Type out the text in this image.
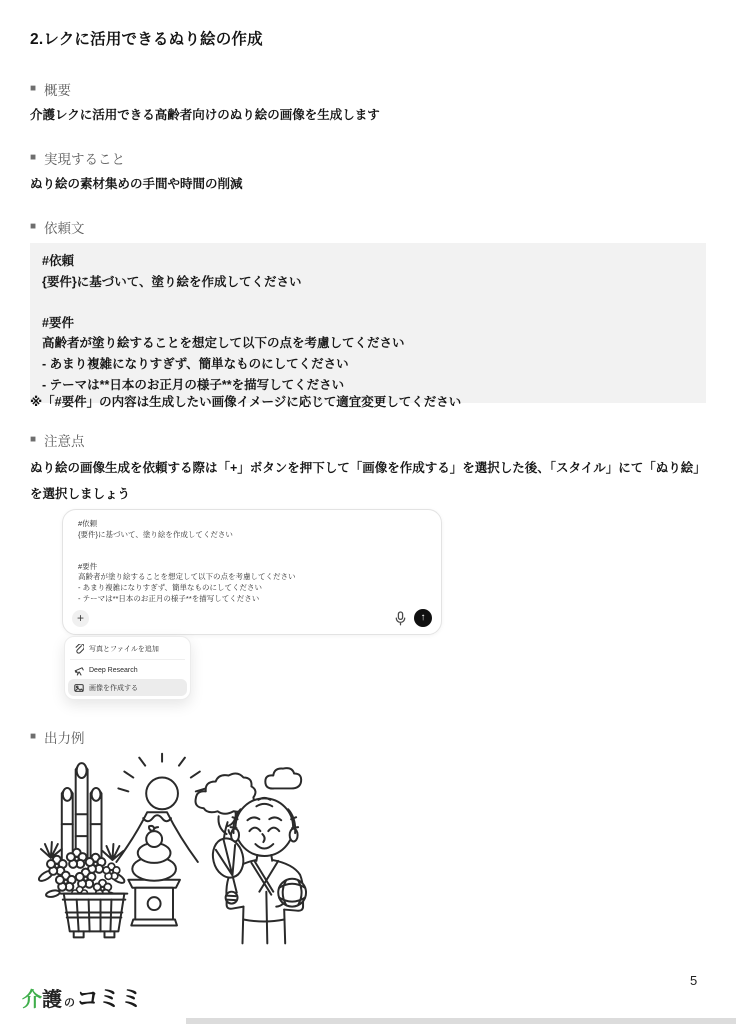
2.レクに活用できるぬり絵の作成
■ 概要
介護レクに活用できる高齢者向けのぬり絵の画像を生成します
■ 実現すること
ぬり絵の素材集めの手間や時間の削減
■ 依頼文
#依頼
{要件}に基づいて、塗り絵を作成してください
#要件
高齢者が塗り絵することを想定して以下の点を考慮してください
- あまり複雑になりすぎず、簡単なものにしてください
- テーマは**日本のお正月の様子**を描写してください
※「#要件」の内容は生成したい画像イメージに応じて適宜変更してください
■ 注意点
ぬり絵の画像生成を依頼する際は「+」ボタンを押下して「画像を作成する」を選択した後、「スタイル」にて「ぬり絵」を選択しましょう
#依頼
{要件}に基づいて、塗り絵を作成してください
#要件
高齢者が塗り絵することを想定して以下の点を考慮してください
- あまり複雑になりすぎず、簡単なものにしてください
- テーマは**日本のお正月の様子**を描写してください
+	↑
写真とファイルを追加
Deep Research
画像を作成する
■ 出力例
介 護 の コミミ
5
